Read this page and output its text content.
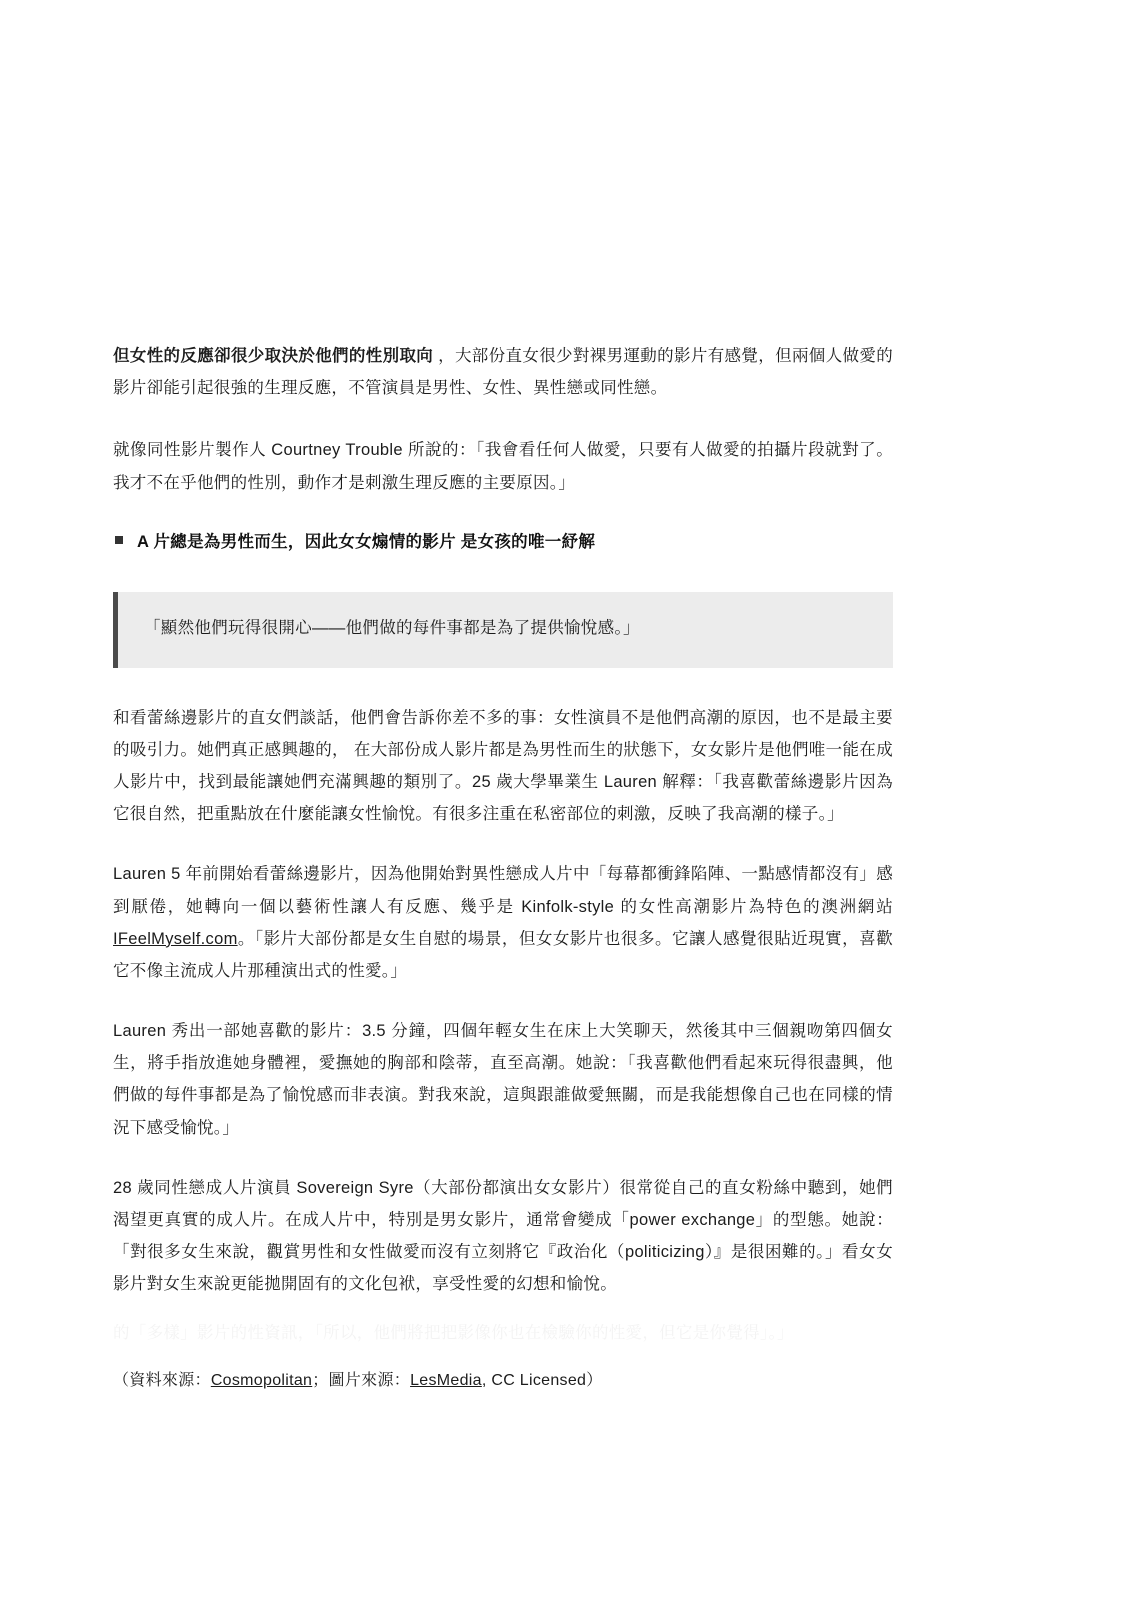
但女性的反應卻很少取決於他們的性別取向 ，大部份直女很少對裸男運動的影片有感覺，但兩個人做愛的影片卻能引起很強的生理反應，不管演員是男性、女性、異性戀或同性戀。

就像同性影片製作人 Courtney Trouble 所說的：「我會看任何人做愛，只要有人做愛的拍攝片段就對了。 我才不在乎他們的性別，動作才是刺激生理反應的主要原因。」

A 片總是為男性而生，因此女女煽情的影片 是女孩的唯一紓解

「顯然他們玩得很開心——他們做的每件事都是為了提供愉悅感。」

和看蕾絲邊影片的直女們談話，他們會告訴你差不多的事：女性演員不是他們高潮的原因，也不是最主要的吸引力。她們真正感興趣的， 在大部份成人影片都是為男性而生的狀態下，女女影片是他們唯一能在成人影片中，找到最能讓她們充滿興趣的類別了。25 歲大學畢業生 Lauren 解釋：「我喜歡蕾絲邊影片因為它很自然，把重點放在什麼能讓女性愉悅。有很多注重在私密部位的刺激，反映了我高潮的樣子。」

Lauren 5 年前開始看蕾絲邊影片，因為他開始對異性戀成人片中「每幕都衝鋒陷陣、一點感情都沒有」感到厭倦，她轉向一個以藝術性讓人有反應、幾乎是 Kinfolk-style 的女性高潮影片為特色的澳洲網站 IFeelMyself.com。「影片大部份都是女生自慰的場景，但女女影片也很多。它讓人感覺很貼近現實，喜歡它不像主流成人片那種演出式的性愛。」

Lauren 秀出一部她喜歡的影片：3.5 分鐘，四個年輕女生在床上大笑聊天，然後其中三個親吻第四個女生，將手指放進她身體裡，愛撫她的胸部和陰蒂，直至高潮。她說：「我喜歡他們看起來玩得很盡興，他們做的每件事都是為了愉悅感而非表演。對我來說，這與跟誰做愛無關，而是我能想像自己也在同樣的情況下感受愉悅。」

28 歲同性戀成人片演員 Sovereign Syre（大部份都演出女女影片）很常從自己的直女粉絲中聽到，她們渴望更真實的成人片。在成人片中，特別是男女影片，通常會變成「power exchange」的型態。她說：「對很多女生來說，觀賞男性和女性做愛而沒有立刻將它『政治化（politicizing）』是很困難的。」看女女影片對女生來說更能拋開固有的文化包袱，享受性愛的幻想和愉悅。

的「多樣」影片的性資訊，「所以，他們將把把影像你也在檢驗你的性愛，但它是你覺得」。」
（資料來源：Cosmopolitan；圖片來源：LesMedia, CC Licensed）
